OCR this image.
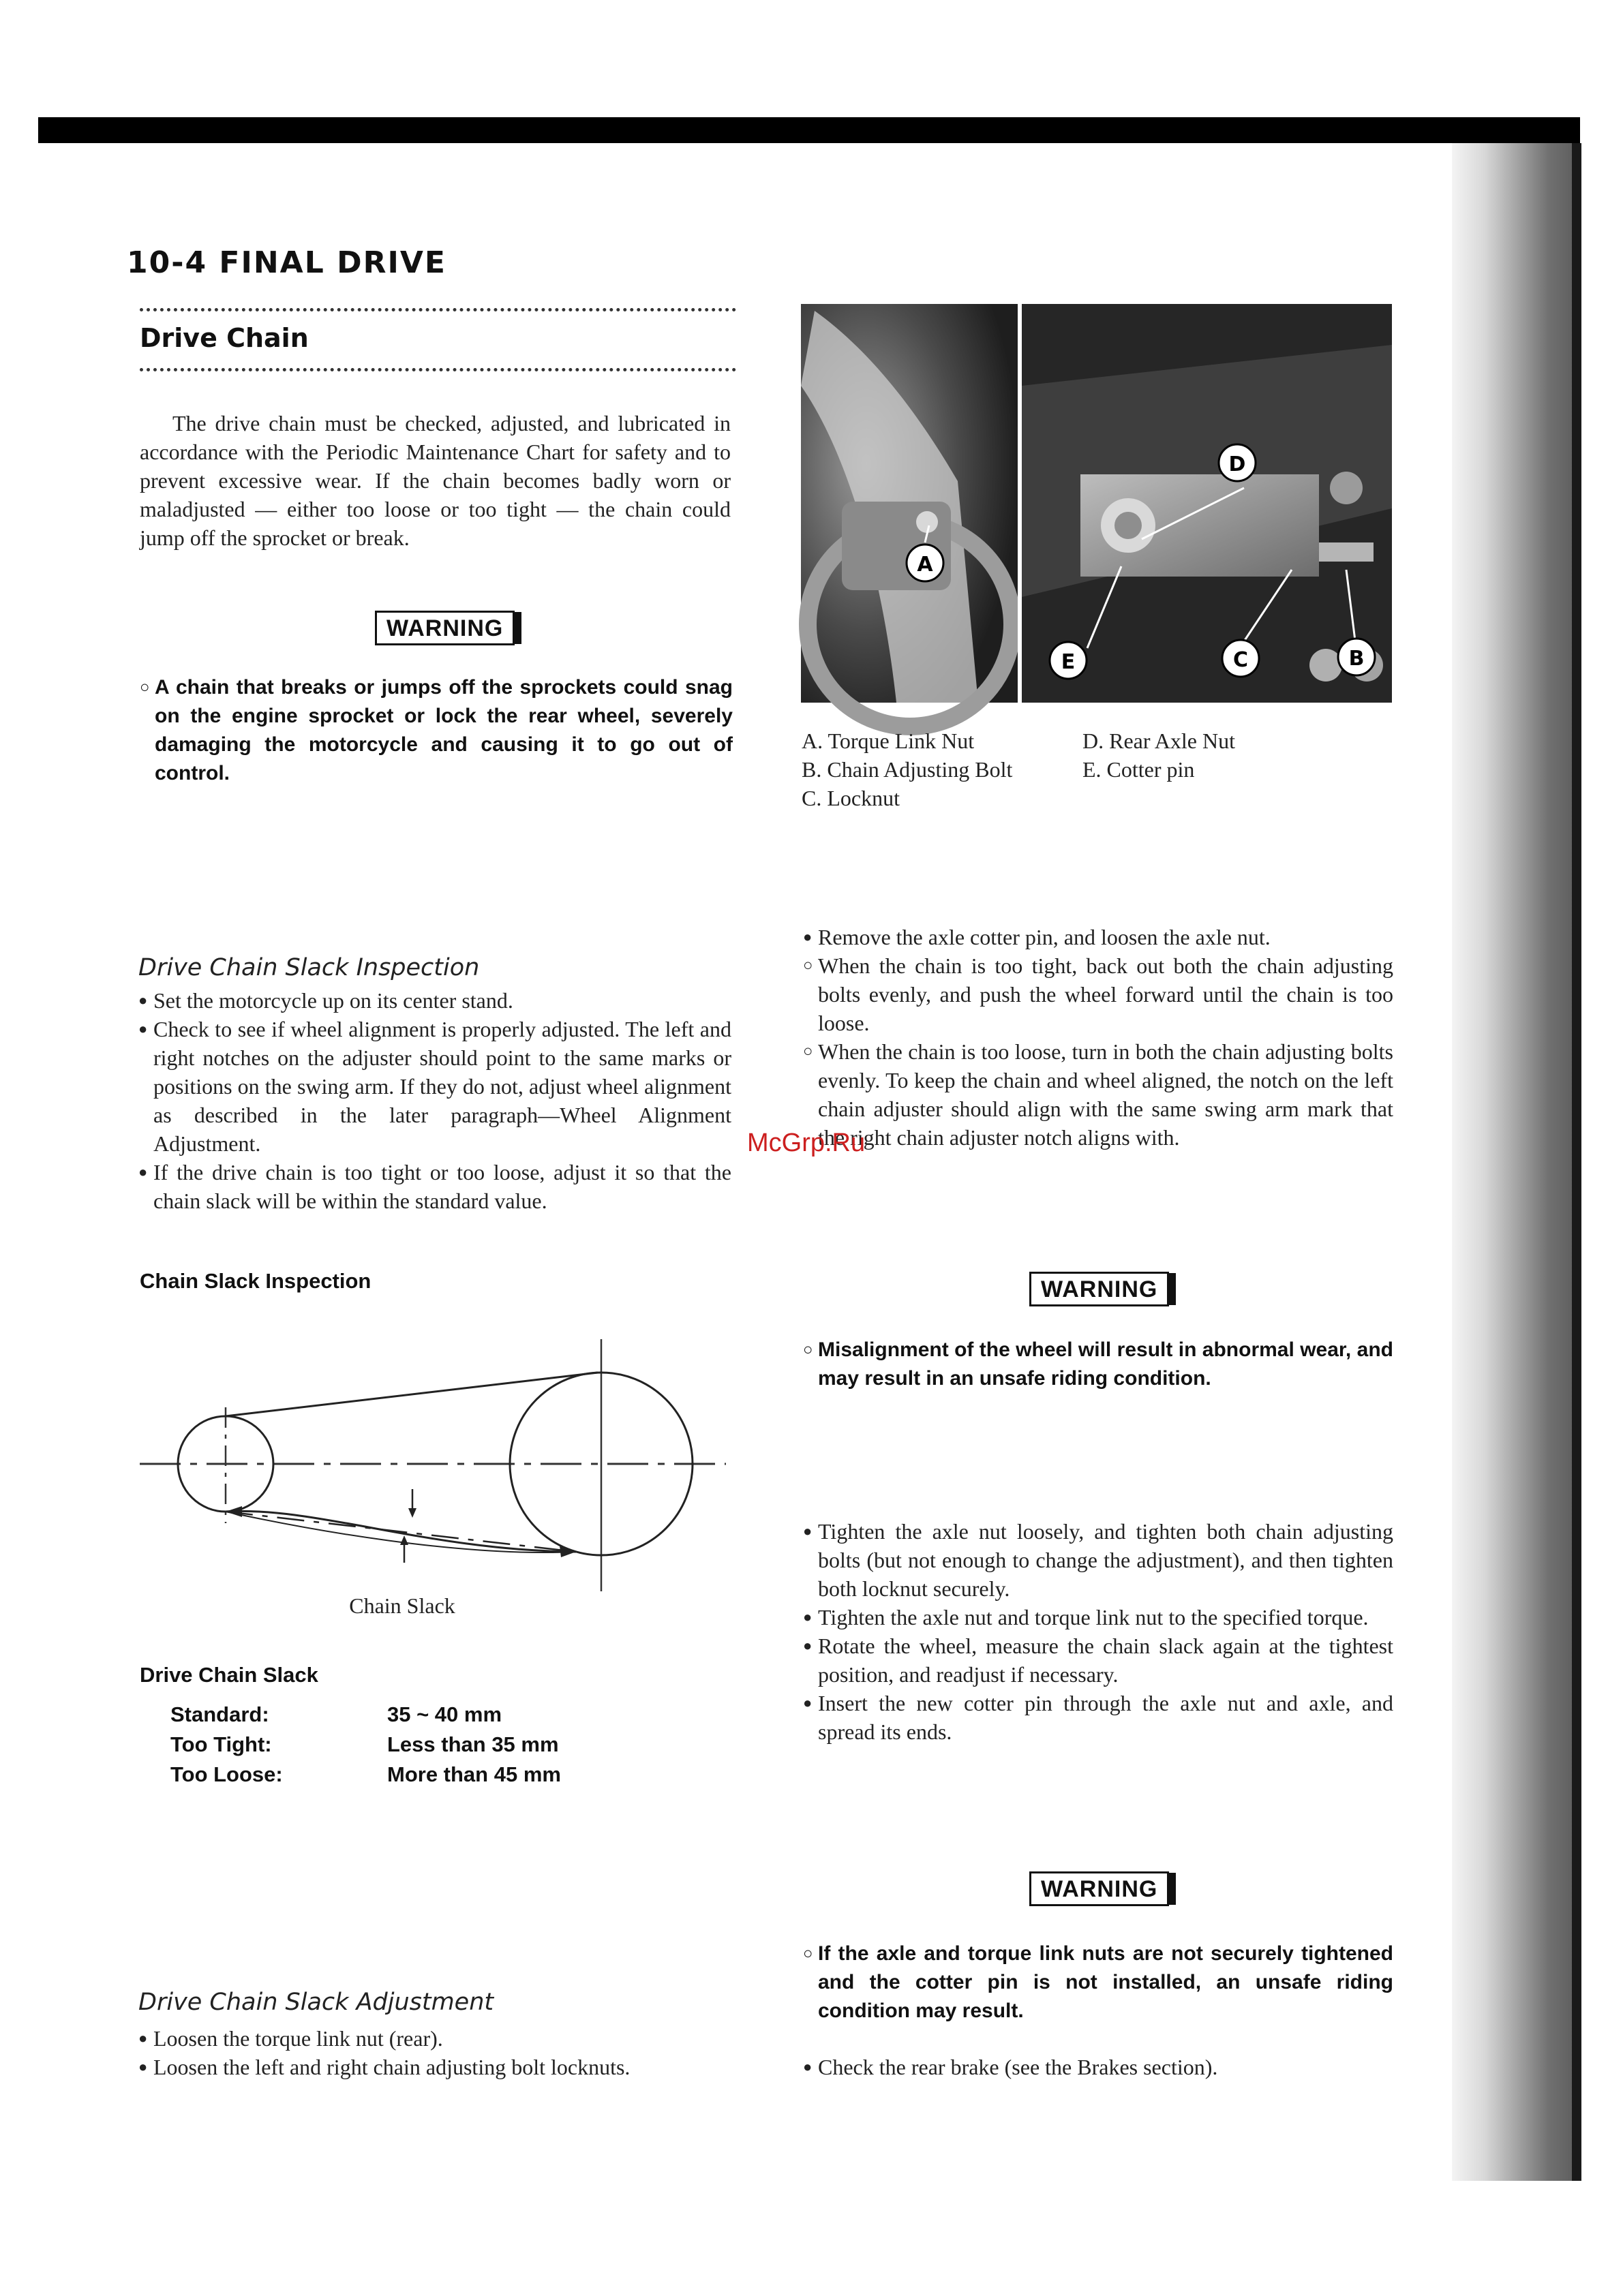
10-4 FINAL DRIVE
Drive Chain

The drive chain must be checked, adjusted, and lubricated in accordance with the Periodic Maintenance Chart for safety and to prevent excessive wear. If the chain becomes badly worn or maladjusted — either too loose or too tight — the chain could jump off the sprocket or break.

WARNING
○ A chain that breaks or jumps off the sprockets could snag on the engine sprocket or lock the rear wheel, severely damaging the motorcycle and causing it to go out of control.
A
D
E	C	B
A. Torque Link Nut
B. Chain Adjusting Bolt
C. Locknut
D. Rear Axle Nut
E. Cotter pin
Drive Chain Slack Inspection
● Set the motorcycle up on its center stand.
● Check to see if wheel alignment is properly adjusted. The left and right notches on the adjuster should point to the same marks or positions on the swing arm. If they do not, adjust wheel alignment as described in the later paragraph—Wheel Alignment Adjustment.
● If the drive chain is too tight or too loose, adjust it so that the chain slack will be within the standard value.
Chain Slack Inspection
Chain Slack
Drive Chain Slack
Standard:	35 ~ 40 mm
Too Tight:	Less than 35 mm
Too Loose:	More than 45 mm
Drive Chain Slack Adjustment
● Loosen the torque link nut (rear).
● Loosen the left and right chain adjusting bolt locknuts.
● Remove the axle cotter pin, and loosen the axle nut.
○ When the chain is too tight, back out both the chain adjusting bolts evenly, and push the wheel forward until the chain is too loose.
○ When the chain is too loose, turn in both the chain adjusting bolts evenly. To keep the chain and wheel aligned, the notch on the left chain adjuster should align with the same swing arm mark that the right chain adjuster notch aligns with.
McGrp.Ru
WARNING
○ Misalignment of the wheel will result in abnormal wear, and may result in an unsafe riding condition.
● Tighten the axle nut loosely, and tighten both chain adjusting bolts (but not enough to change the adjustment), and then tighten both locknut securely.
● Tighten the axle nut and torque link nut to the specified torque.
● Rotate the wheel, measure the chain slack again at the tightest position, and readjust if necessary.
● Insert the new cotter pin through the axle nut and axle, and spread its ends.
WARNING
○ If the axle and torque link nuts are not securely tightened and the cotter pin is not installed, an unsafe riding condition may result.
● Check the rear brake (see the Brakes section).
